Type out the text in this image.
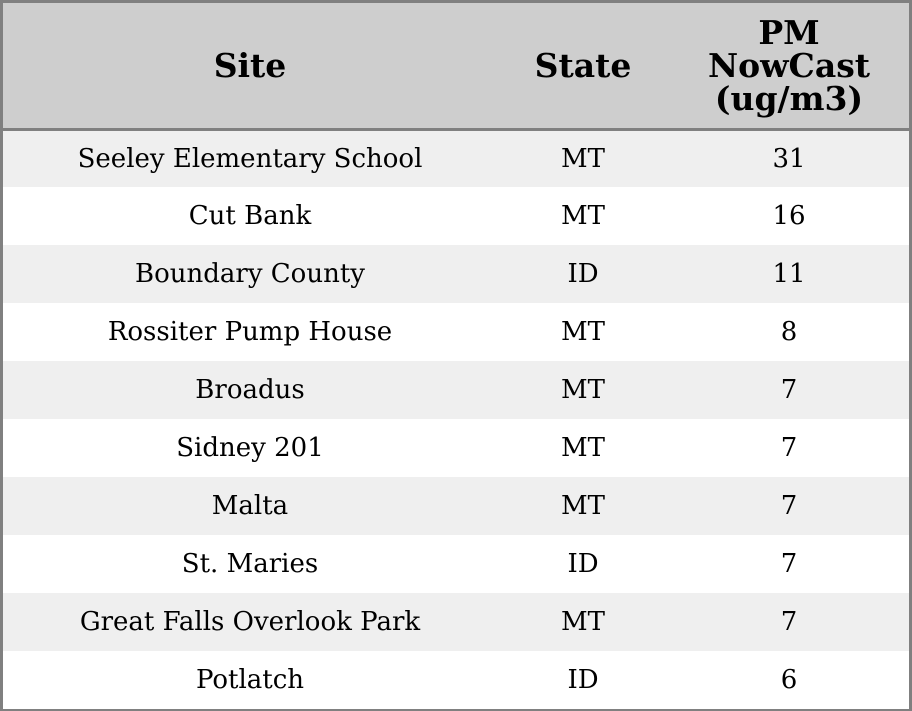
Site	State	PM NowCast (ug/m3)
Seeley Elementary School	MT	31
Cut Bank	MT	16
Boundary County	ID	11
Rossiter Pump House	MT	8
Broadus	MT	7
Sidney 201	MT	7
Malta	MT	7
St. Maries	ID	7
Great Falls Overlook Park	MT	7
Potlatch	ID	6
